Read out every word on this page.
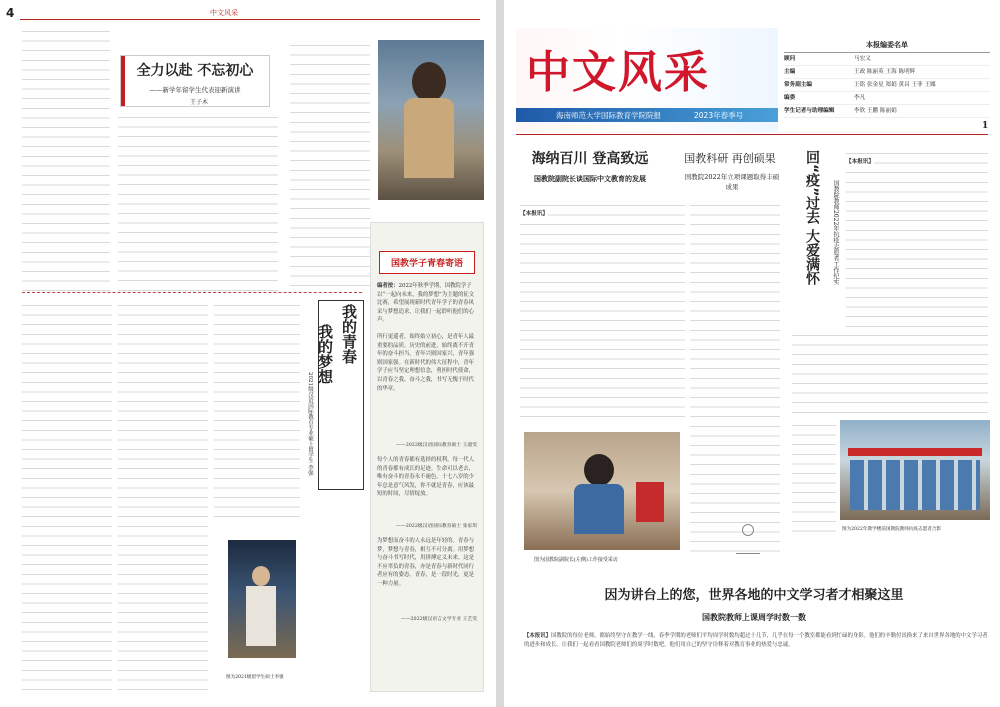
4	中文风采
全力以赴 不忘初心
——新学年留学生代表迎新演讲
王子木
图为2021级留学生硕士李强
我的青春
我的梦想
2021级汉语国际教育专业硕士留学生 李强
国教学子青春寄语
编者按：2022年秋季学期，国教院学子以“一起向未来，我的梦想”为主题的征文比赛，希望展现新时代青年学子的青春风采与梦想追求，让我们一起聆听他们的心声。
所行更遥者，始终始立初心，是青年人最重要的品质。历史的前进，始终离不开青年的奋斗担当。青年兴则国家兴，青年强则国家强。在新时代的伟大征程中，青年学子应当坚定理想信念，勇担时代使命，以青春之我，奋斗之我，书写无愧于时代的华章。
——2022级汉语国际教育硕士 王淑雯
每个人的青春都有选择的权利，每一代人的青春都有成长的足迹。生命可以老去，唯有奋斗的青春永不褪色。十七八岁的少年总是意气风发，你不就是青春，应该最短的时间，尽情绽放。
——2022级汉语国际教育硕士 张家琪
为梦想而奋斗的人永远是年轻的。青春与梦，梦想与青春，相互不可分离。用梦想与奋斗书写时代，用拼搏定义未来。这是不应辜负的青春，亦是青春与新时代同行者应有的姿态。青春，是一段时光，更是一种力量。
——2022级汉语言文学专业 王艺雯
中文风采
海南师范大学国际教育学院院报	2023年春季号
本报编委名单
顾问	马宏义
主编	王政 陈丽英 王海 陈明辉
常务副主编	王铭 张金星 郑娟 黄昌 王菲 王娜
编委	李凡
学生记者与助理编辑	李欣 王鹏 陈丽娟
1
海纳百川 登高致远
国教院副院长谈国际中文教育的发展
【本报讯】
国教科研 再创硕果
国教院2022年立项课题取得丰硕成果
图为国教院副院长(左侧)工作接受采访
回“疫”过去 大爱满怀	国教院教师2022年抗疫志愿者工作纪实
【本报讯】
图为2022年教学楼前国教院教师抗疫志愿者合影
因为讲台上的您，世界各地的中文学习者才相聚这里
国教院教师上课周学时数一数
【本报讯】国教院的每位老师，都始终坚守在教学一线，春季学期的老师们平均周学时数均超过十几节，几乎在每一个教室都能看到忙碌的身影。他们的辛勤付出换来了来自世界各地的中文学习者的进步和成长。让我们一起看看国教院老师们的周学时数吧，他们用自己的坚守诠释着对教育事业的热爱与忠诚。
